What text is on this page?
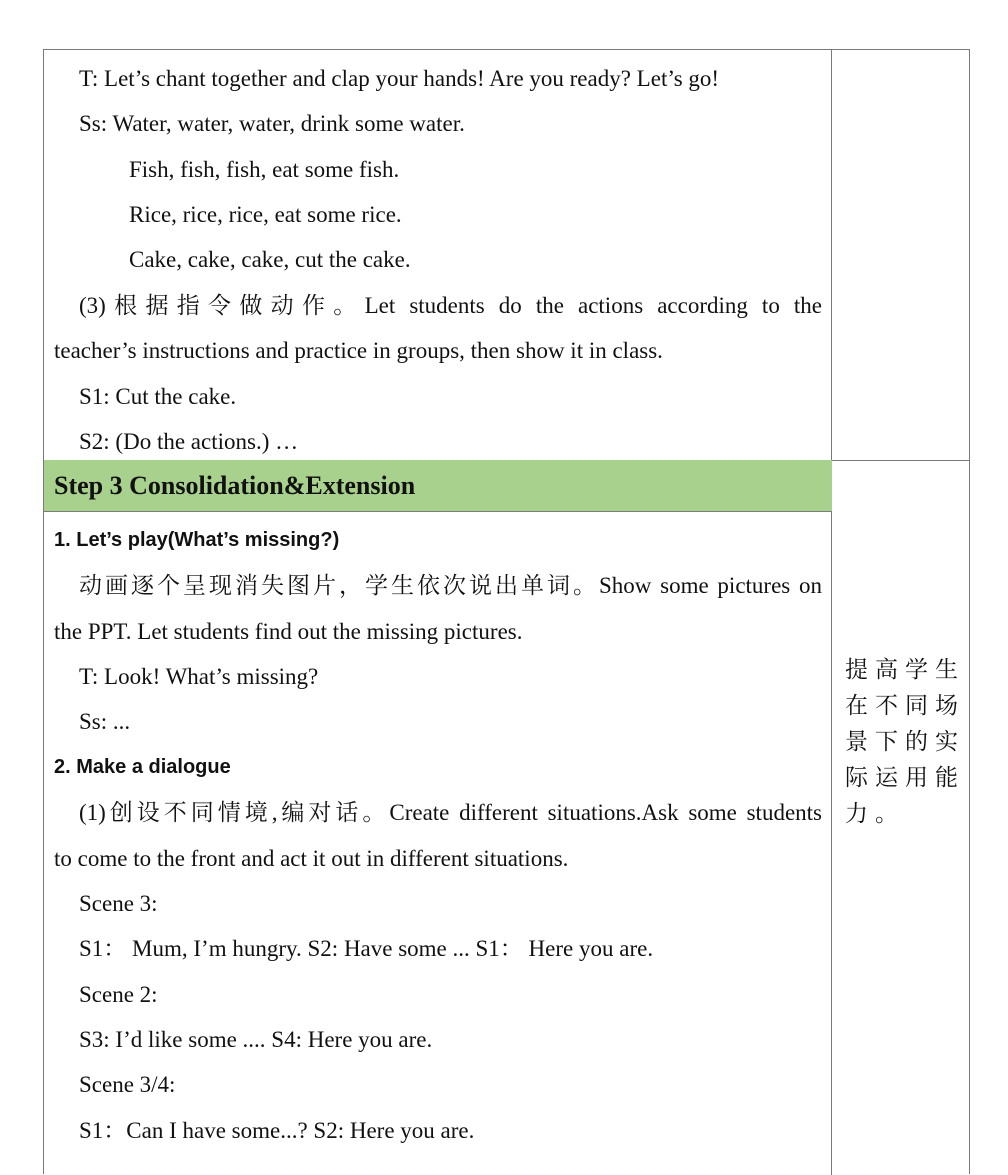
T: Let’s chant together and clap your hands! Are you ready? Let’s go!
Ss: Water, water, water, drink some water.
Fish, fish, fish, eat some fish.
Rice, rice, rice, eat some rice.
Cake, cake, cake, cut the cake.
(3)根据指令做动作。Let students do the actions according to the
teacher’s instructions and practice in groups, then show it in class.
S1: Cut the cake.
S2: (Do the actions.) …
Step 3 Consolidation&Extension
1. Let’s play(What’s missing?)
动画逐个呈现消失图片，学生依次说出单词。Show some pictures on
the PPT. Let students find out the missing pictures.
T: Look! What’s missing?
Ss: ...
2. Make a dialogue
(1)创设不同情境,编对话。Create different situations.Ask some students
to come to the front and act it out in different situations.
Scene 3:
S1： Mum, I’m hungry. S2: Have some ... S1： Here you are.
Scene 2:
S3: I’d like some .... S4: Here you are.
Scene 3/4:
S1：Can I have some...? S2: Here you are.
提高学生在不同场景下的实际运用能力。
